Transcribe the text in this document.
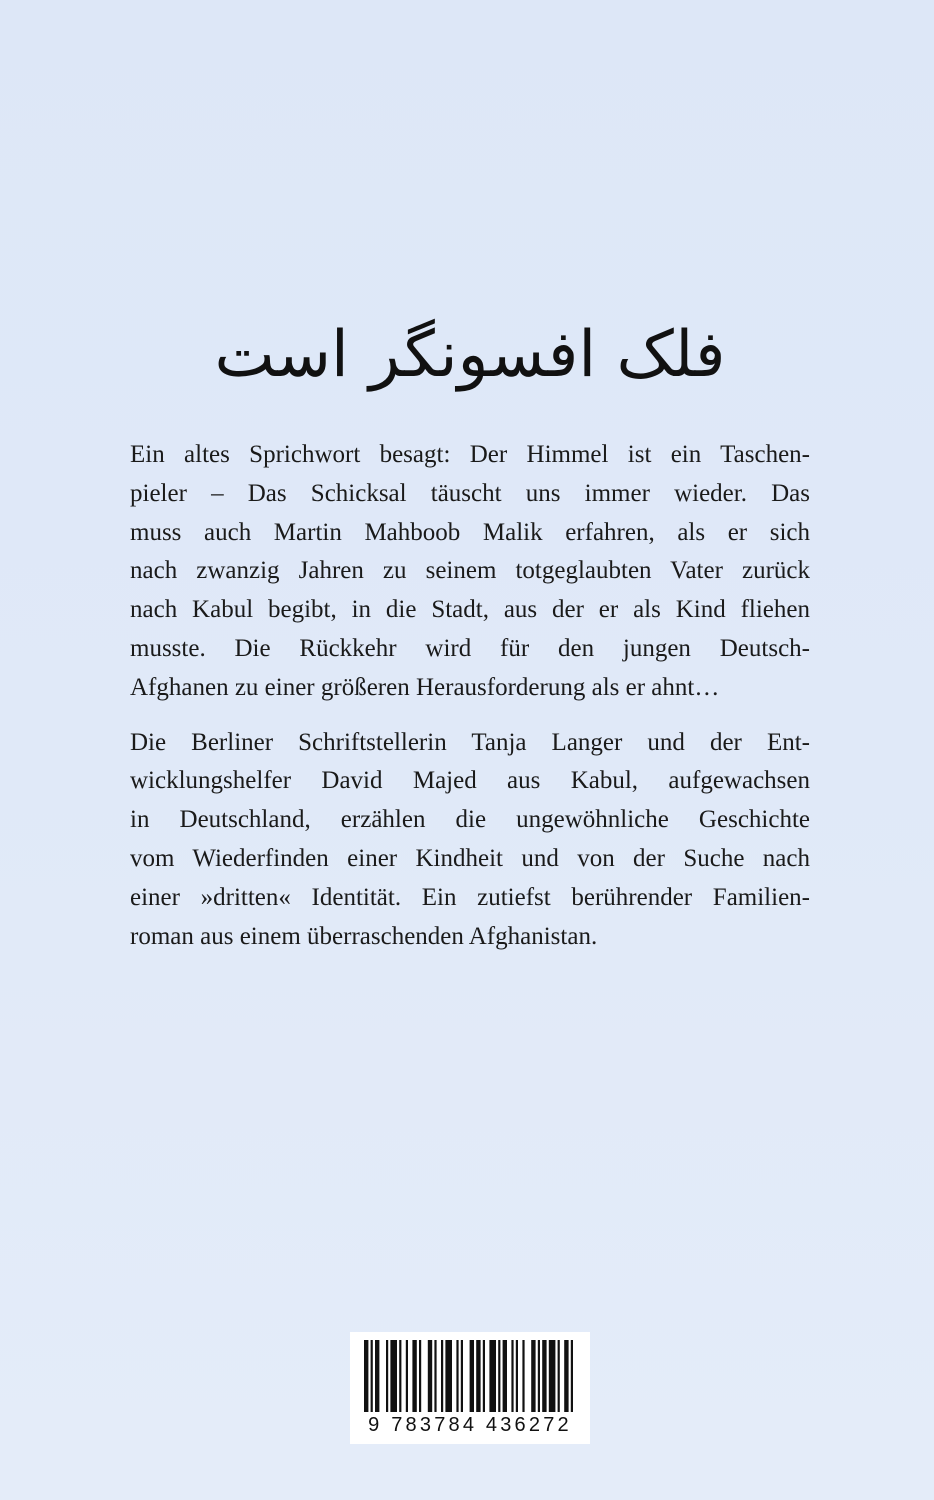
فلک افسونگر است

Ein altes Sprichwort besagt: Der Himmel ist ein Taschen-
pieler – Das Schicksal täuscht uns immer wieder. Das
muss auch Martin Mahboob Malik erfahren, als er sich
nach zwanzig Jahren zu seinem totgeglaubten Vater zurück
nach Kabul begibt, in die Stadt, aus der er als Kind fliehen
musste. Die Rückkehr wird für den jungen Deutsch-
Afghanen zu einer größeren Herausforderung als er ahnt…

Die Berliner Schriftstellerin Tanja Langer und der Ent-
wicklungshelfer David Majed aus Kabul, aufgewachsen
in Deutschland, erzählen die ungewöhnliche Geschichte
vom Wiederfinden einer Kindheit und von der Suche nach
einer »dritten« Identität. Ein zutiefst berührender Familien-
roman aus einem überraschenden Afghanistan.

9 783784 436272
